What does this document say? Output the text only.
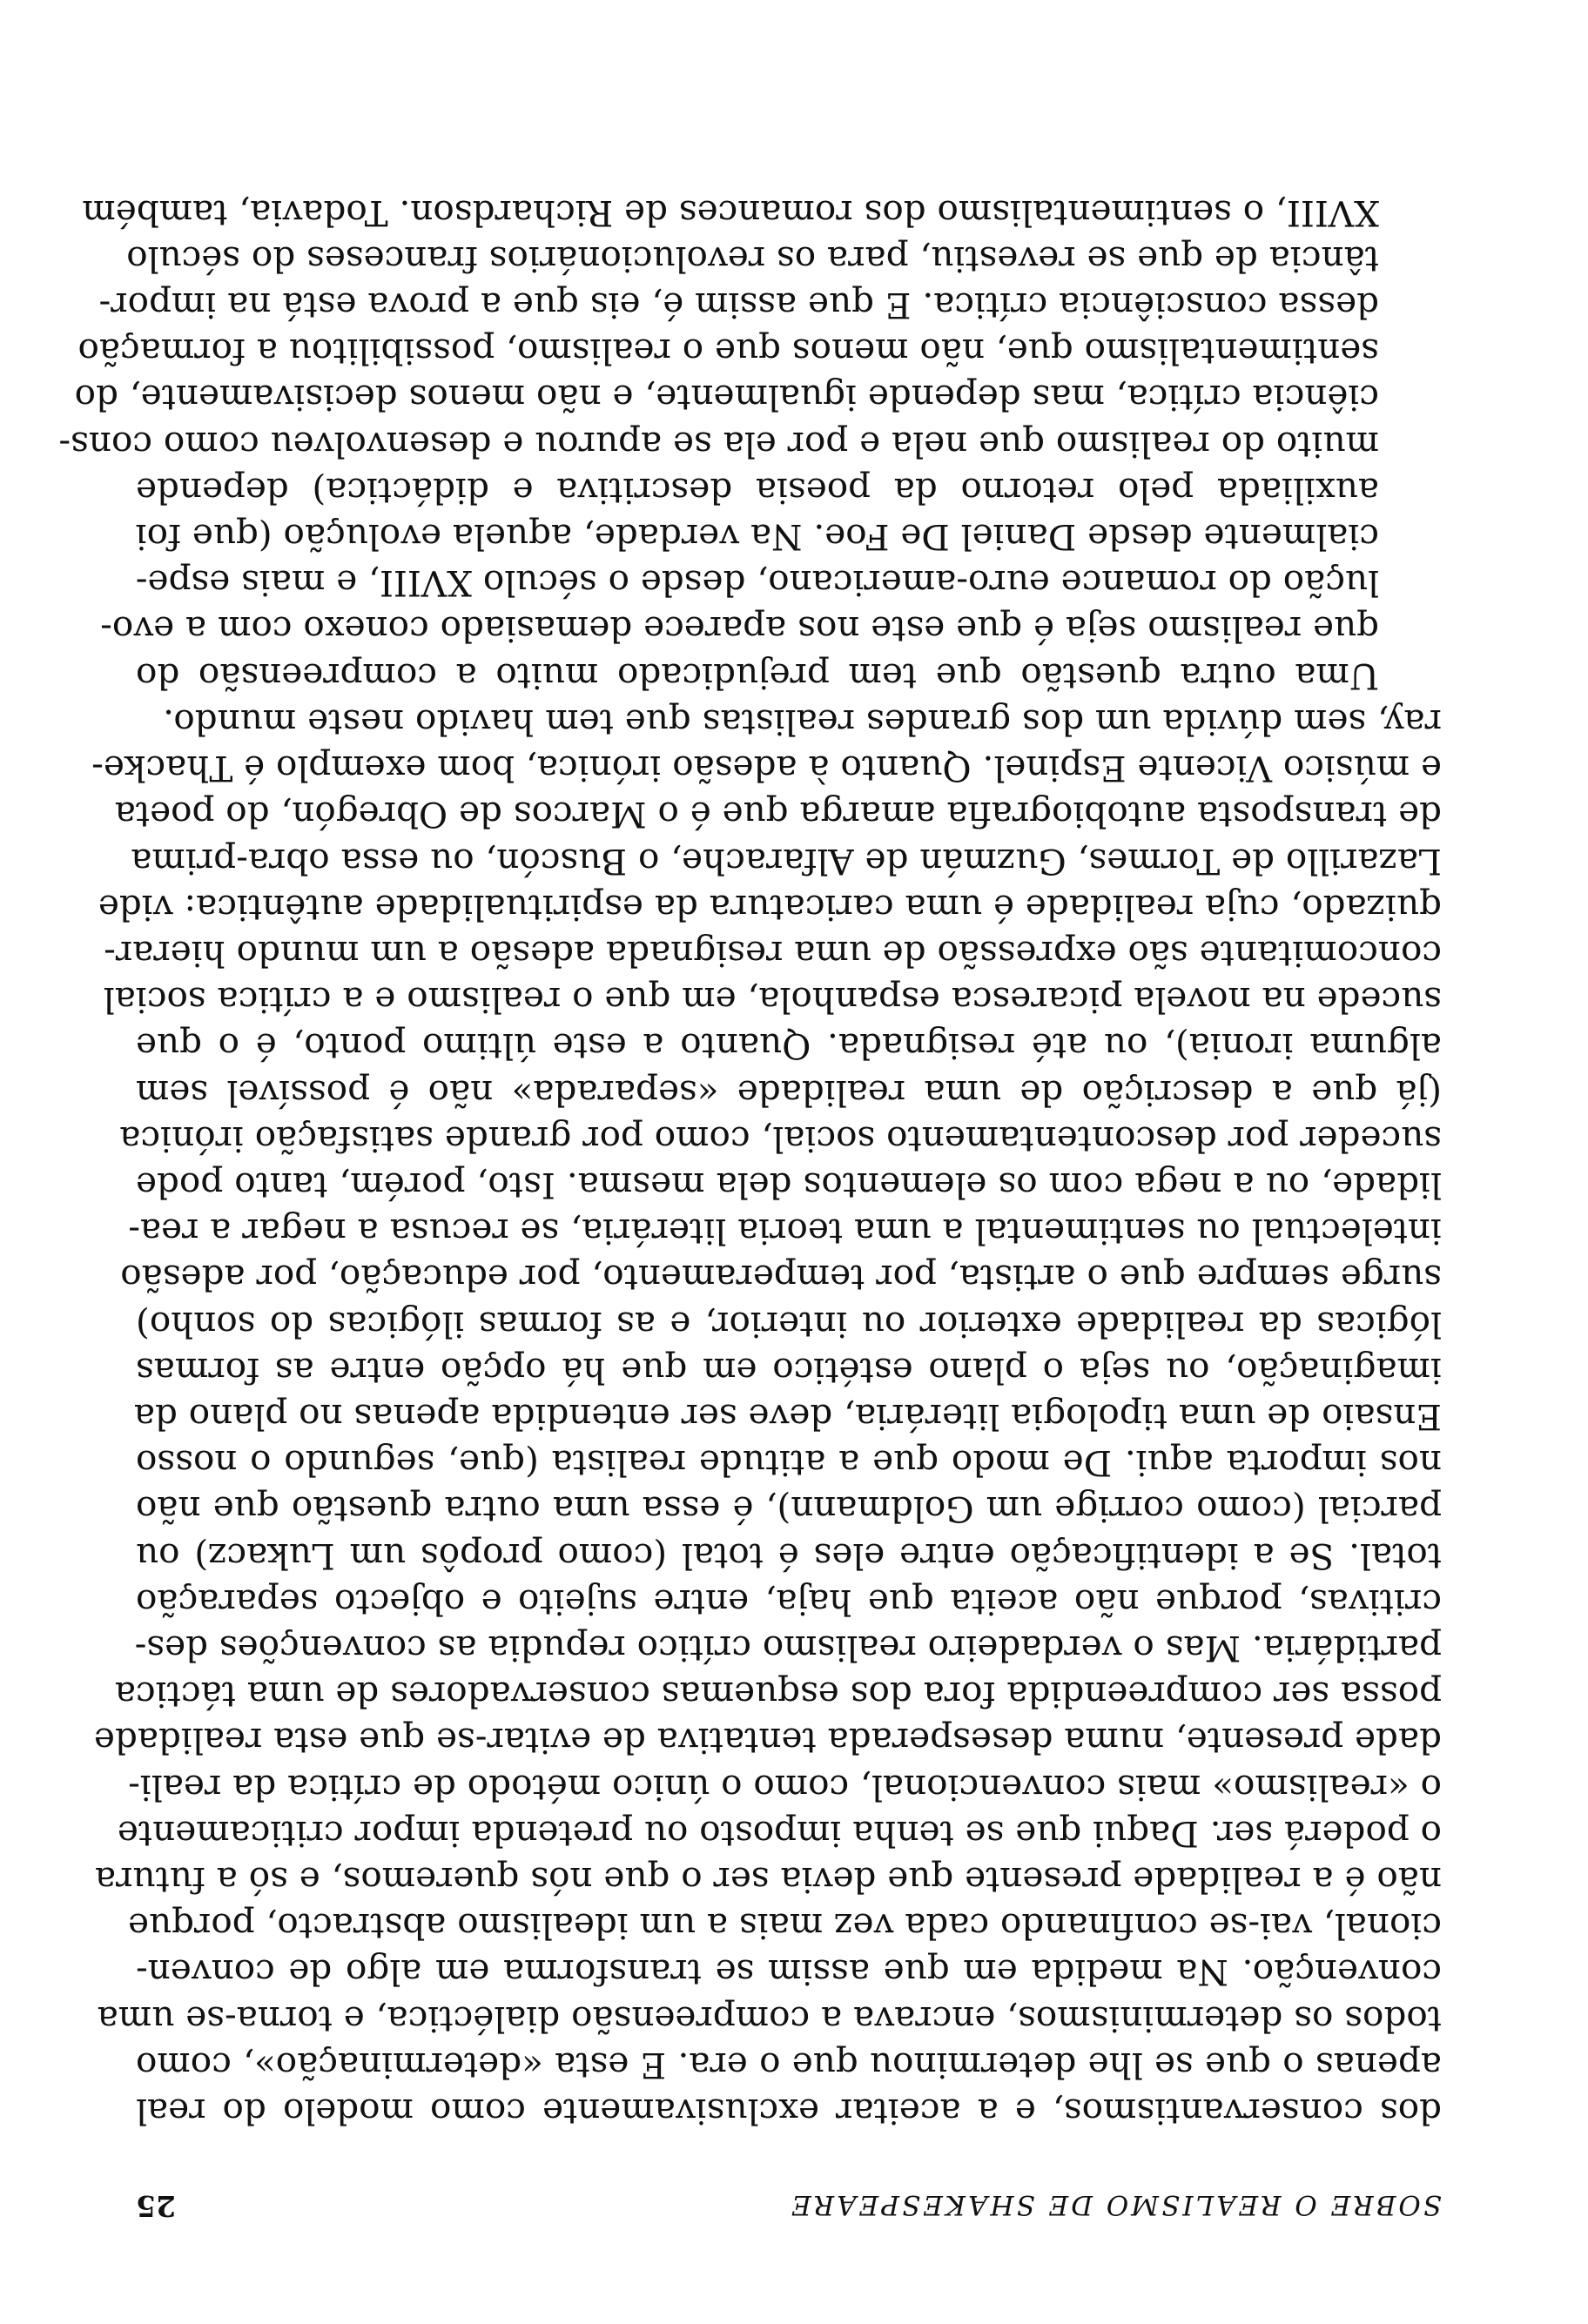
SOBRE O REALISMO DE SHAKESPEARE
25
dos conservantismos, e a aceitar exclusivamente como modelo do real
apenas o que se lhe determinou que o era. E esta «determinação», como
todos os determinismos, encrava a compreensão dialéctica, e torna-se uma
convenção. Na medida em que assim se transforma em algo de conven-
cional, vai-se confinando cada vez mais a um idealismo abstracto, porque
não é a realidade presente que devia ser o que nós queremos, e só a futura
o poderá ser. Daqui que se tenha imposto ou pretenda impor criticamente
o «realismo» mais convencional, como o único método de crítica da reali-
dade presente, numa desesperada tentativa de evitar-se que esta realidade
possa ser compreendida fora dos esquemas conservadores de uma táctica
partidária. Mas o verdadeiro realismo crítico repudia as convenções des-
critivas, porque não aceita que haja, entre sujeito e objecto separação
total. Se a identificação entre eles é total (como propôs um Lukacz) ou
parcial (como corrige um Goldmann), é essa uma outra questão que não
nos importa aqui. De modo que a atitude realista (que, segundo o nosso
Ensaio de uma tipologia literária, deve ser entendida apenas no plano da
imaginação, ou seja o plano estético em que há opção entre as formas
lógicas da realidade exterior ou interior, e as formas ilógicas do sonho)
surge sempre que o artista, por temperamento, por educação, por adesão
intelectual ou sentimental a uma teoria literária, se recusa a negar a rea-
lidade, ou a nega com os elementos dela mesma. Isto, porém, tanto pode
suceder por descontentamento social, como por grande satisfação irónica
(já que a descrição de uma realidade «separada» não é possível sem
alguma ironia), ou até resignada. Quanto a este último ponto, é o que
sucede na novela picaresca espanhola, em que o realismo e a crítica social
concomitante são expressão de uma resignada adesão a um mundo hierar-
quizado, cuja realidade é uma caricatura da espiritualidade autêntica: vide
Lazarillo de Tormes, Guzmán de Alfarache, o Buscón, ou essa obra-prima
de transposta autobiografia amarga que é o Marcos de Obregón, do poeta
e músico Vicente Espinel. Quanto à adesão irónica, bom exemplo é Thacke-
ray, sem dúvida um dos grandes realistas que tem havido neste mundo.
Uma outra questão que tem prejudicado muito a compreensão do
que realismo seja é que este nos aparece demasiado conexo com a evo-
lução do romance euro-americano, desde o século XVIII, e mais espe-
cialmente desde Daniel De Foe. Na verdade, aquela evolução (que foi
auxiliada pelo retorno da poesia descritiva e didáctica) depende
muito do realismo que nela e por ela se apurou e desenvolveu como cons-
ciência crítica, mas depende igualmente, e não menos decisivamente, do
sentimentalismo que, não menos que o realismo, possibilitou a formação
dessa consciência crítica. E que assim é, eis que a prova está na impor-
tância de que se revestiu, para os revolucionários franceses do século
XVIII, o sentimentalismo dos romances de Richardson. Todavia, também
